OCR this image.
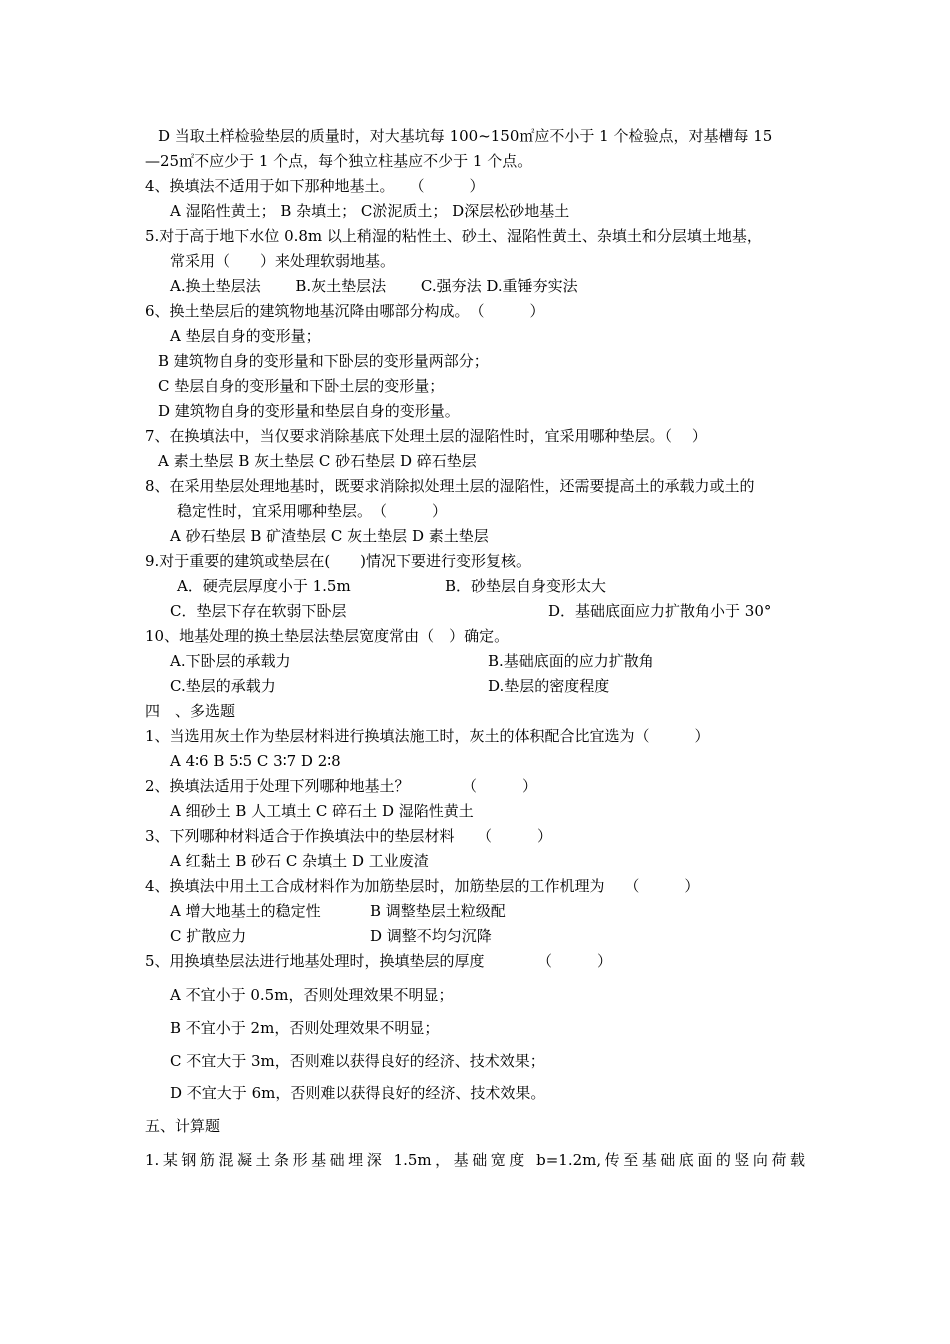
D 当取土样检验垫层的质量时，对大基坑每 100~150㎡应不小于 1 个检验点，对基槽每 15
—25㎡不应少于 1 个点，每个独立柱基应不少于 1 个点。
4、换填法不适用于如下那种地基土。　　（　　　）
A 湿陷性黄土； B 杂填土； C淤泥质土； D深层松砂地基土
5.对于高于地下水位 0.8m 以上稍湿的粘性土、砂土、湿陷性黄土、杂填土和分层填土地基，
常采用（　　）来处理软弱地基。
A.换土垫层法　　 B.灰土垫层法　　 C.强夯法 D.重锤夯实法
6、换土垫层后的建筑物地基沉降由哪部分构成。　（　　　）
A 垫层自身的变形量；
B 建筑物自身的变形量和下卧层的变形量两部分；
C 垫层自身的变形量和下卧土层的变形量；
D 建筑物自身的变形量和垫层自身的变形量。
7、在换填法中，当仅要求消除基底下处理土层的湿陷性时，宜采用哪种垫层。（　 ）
A 素土垫层 B 灰土垫层 C 砂石垫层 D 碎石垫层
8、在采用垫层处理地基时，既要求消除拟处理土层的湿陷性，还需要提高土的承载力或土的
稳定性时，宜采用哪种垫层。　（　　　）
A 砂石垫层 B 矿渣垫层 C 灰土垫层 D 素土垫层
9.对于重要的建筑或垫层在(　　)情况下要进行变形复核。
A．硬壳层厚度小于 1.5m	B．砂垫层自身变形太大
C．垫层下存在软弱下卧层	D．基础底面应力扩散角小于 30°
10、地基处理的换土垫层法垫层宽度常由（　）确定。
A.下卧层的承载力	B.基础底面的应力扩散角
C.垫层的承载力	D.垫层的密度程度
四　、多选题
1、当选用灰土作为垫层材料进行换填法施工时，灰土的体积配合比宜选为（　　　）
A 4∶6 B 5∶5 C 3∶7 D 2∶8
2、换填法适用于处理下列哪种地基土？　　　　（　　　）
A 细砂土 B 人工填土 C 碎石土 D 湿陷性黄土
3、下列哪种材料适合于作换填法中的垫层材料　　（　　　）
A 红黏土 B 砂石 C 杂填土 D 工业废渣
4、换填法中用土工合成材料作为加筋垫层时，加筋垫层的工作机理为　 （　　　）
A 增大地基土的稳定性	B 调整垫层土粒级配
C 扩散应力	D 调整不均匀沉降
5、用换填垫层法进行地基处理时，换填垫层的厚度　　　　（　　　）
A 不宜小于 0.5m，否则处理效果不明显；
B 不宜小于 2m，否则处理效果不明显；
C 不宜大于 3m，否则难以获得良好的经济、技术效果；
D 不宜大于 6m，否则难以获得良好的经济、技术效果。
五、计算题
1.某钢筋混凝土条形基础埋深 1.5m，基础宽度 b=1.2m,传至基础底面的竖向荷载
